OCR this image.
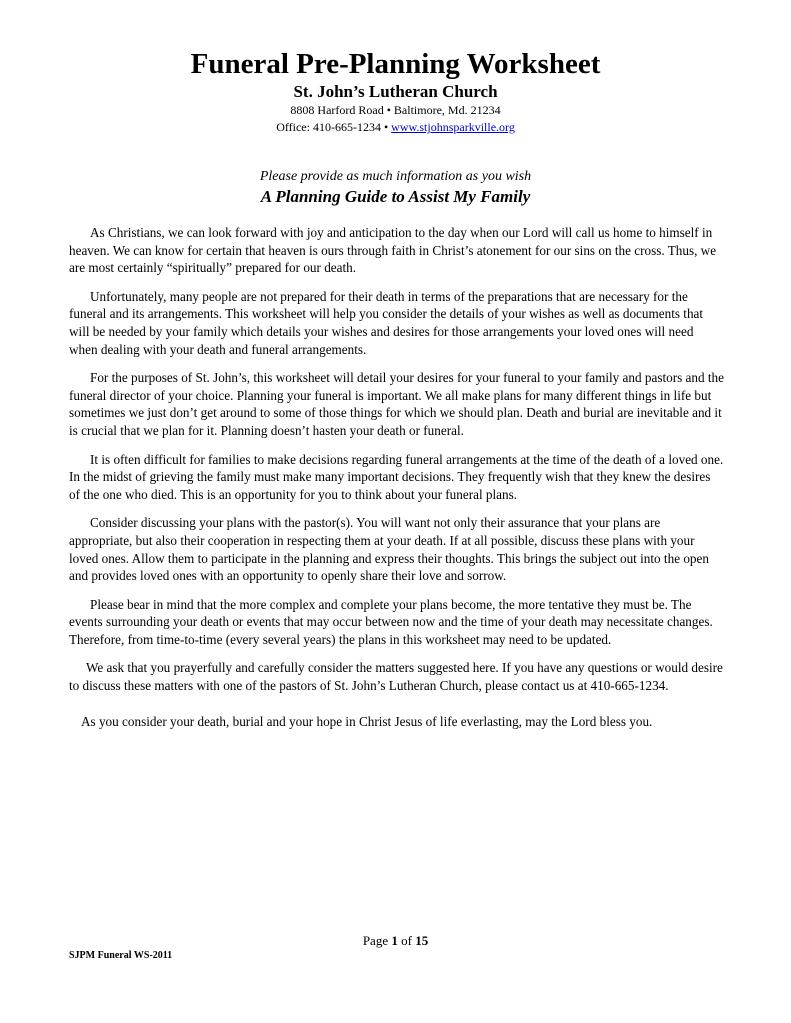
Funeral Pre-Planning Worksheet

St. John’s Lutheran Church

8808 Harford Road • Baltimore, Md. 21234

Office: 410-665-1234 • www.stjohnsparkville.org

Please provide as much information as you wish

A Planning Guide to Assist My Family

As Christians, we can look forward with joy and anticipation to the day when our Lord will call us home to himself in heaven. We can know for certain that heaven is ours through faith in Christ’s atonement for our sins on the cross. Thus, we are most certainly “spiritually” prepared for our death.

Unfortunately, many people are not prepared for their death in terms of the preparations that are necessary for the funeral and its arrangements. This worksheet will help you consider the details of your wishes as well as documents that will be needed by your family which details your wishes and desires for those arrangements your loved ones will need when dealing with your death and funeral arrangements.

For the purposes of St. John’s, this worksheet will detail your desires for your funeral to your family and pastors and the funeral director of your choice. Planning your funeral is important. We all make plans for many different things in life but sometimes we just don’t get around to some of those things for which we should plan. Death and burial are inevitable and it is crucial that we plan for it. Planning doesn’t hasten your death or funeral.

It is often difficult for families to make decisions regarding funeral arrangements at the time of the death of a loved one. In the midst of grieving the family must make many important decisions. They frequently wish that they knew the desires of the one who died. This is an opportunity for you to think about your funeral plans.

Consider discussing your plans with the pastor(s). You will want not only their assurance that your plans are appropriate, but also their cooperation in respecting them at your death. If at all possible, discuss these plans with your loved ones. Allow them to participate in the planning and express their thoughts. This brings the subject out into the open and provides loved ones with an opportunity to openly share their love and sorrow.

Please bear in mind that the more complex and complete your plans become, the more tentative they must be. The events surrounding your death or events that may occur between now and the time of your death may necessitate changes. Therefore, from time-to-time (every several years) the plans in this worksheet may need to be updated.

We ask that you prayerfully and carefully consider the matters suggested here. If you have any questions or would desire to discuss these matters with one of the pastors of St. John’s Lutheran Church, please contact us at 410-665-1234.

As you consider your death, burial and your hope in Christ Jesus of life everlasting, may the Lord bless you.

Page 1 of 15
SJPM Funeral WS-2011
